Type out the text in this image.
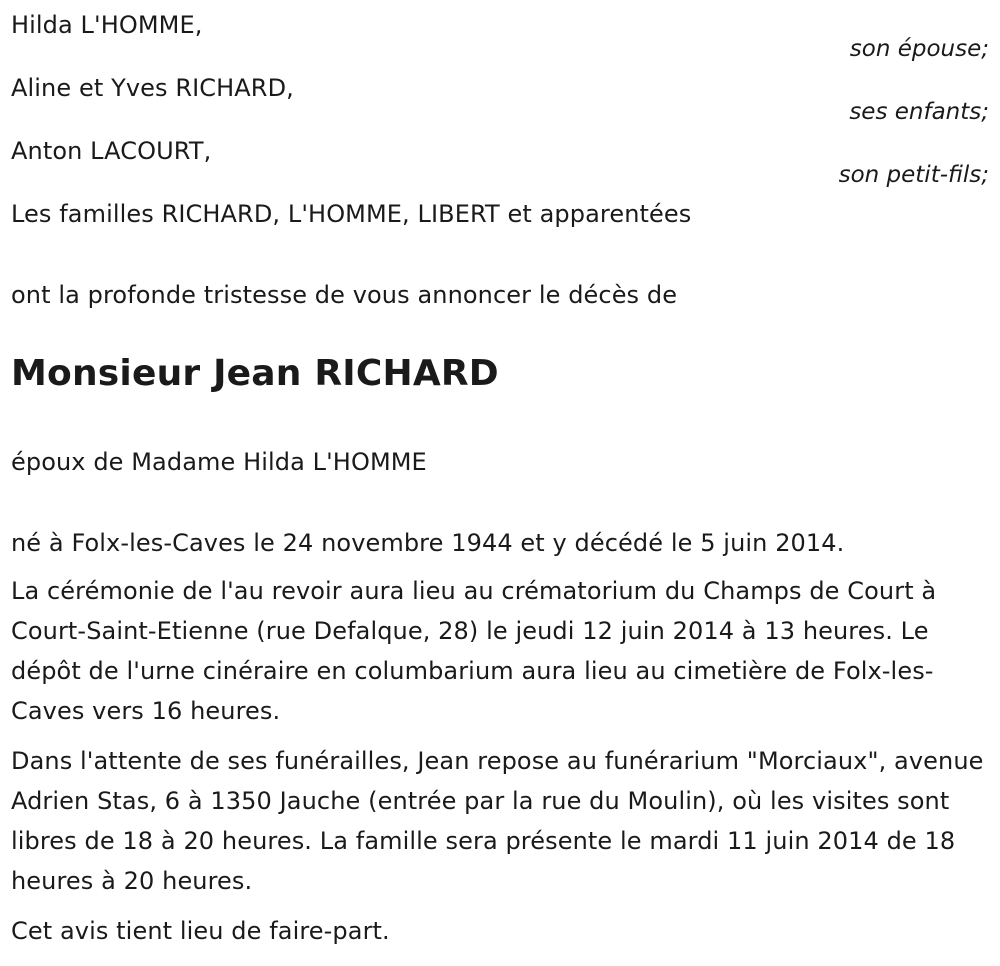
Hilda L'HOMME,
son épouse;
Aline et Yves RICHARD,
ses enfants;
Anton LACOURT,
son petit-fils;
Les familles RICHARD, L'HOMME, LIBERT et apparentées
ont la profonde tristesse de vous annoncer le décès de
Monsieur Jean RICHARD
époux de Madame Hilda L'HOMME
né à Folx-les-Caves le 24 novembre 1944 et y décédé le 5 juin 2014.
La cérémonie de l'au revoir aura lieu au crématorium du Champs de Court à Court-Saint-Etienne (rue Defalque, 28) le jeudi 12 juin 2014 à 13 heures. Le dépôt de l'urne cinéraire en columbarium aura lieu au cimetière de Folx-les-Caves vers 16 heures.
Dans l'attente de ses funérailles, Jean repose au funérarium "Morciaux", avenue Adrien Stas, 6 à 1350 Jauche (entrée par la rue du Moulin), où les visites sont libres de 18 à 20 heures. La famille sera présente le mardi 11 juin 2014 de 18 heures à 20 heures.
Cet avis tient lieu de faire-part.
